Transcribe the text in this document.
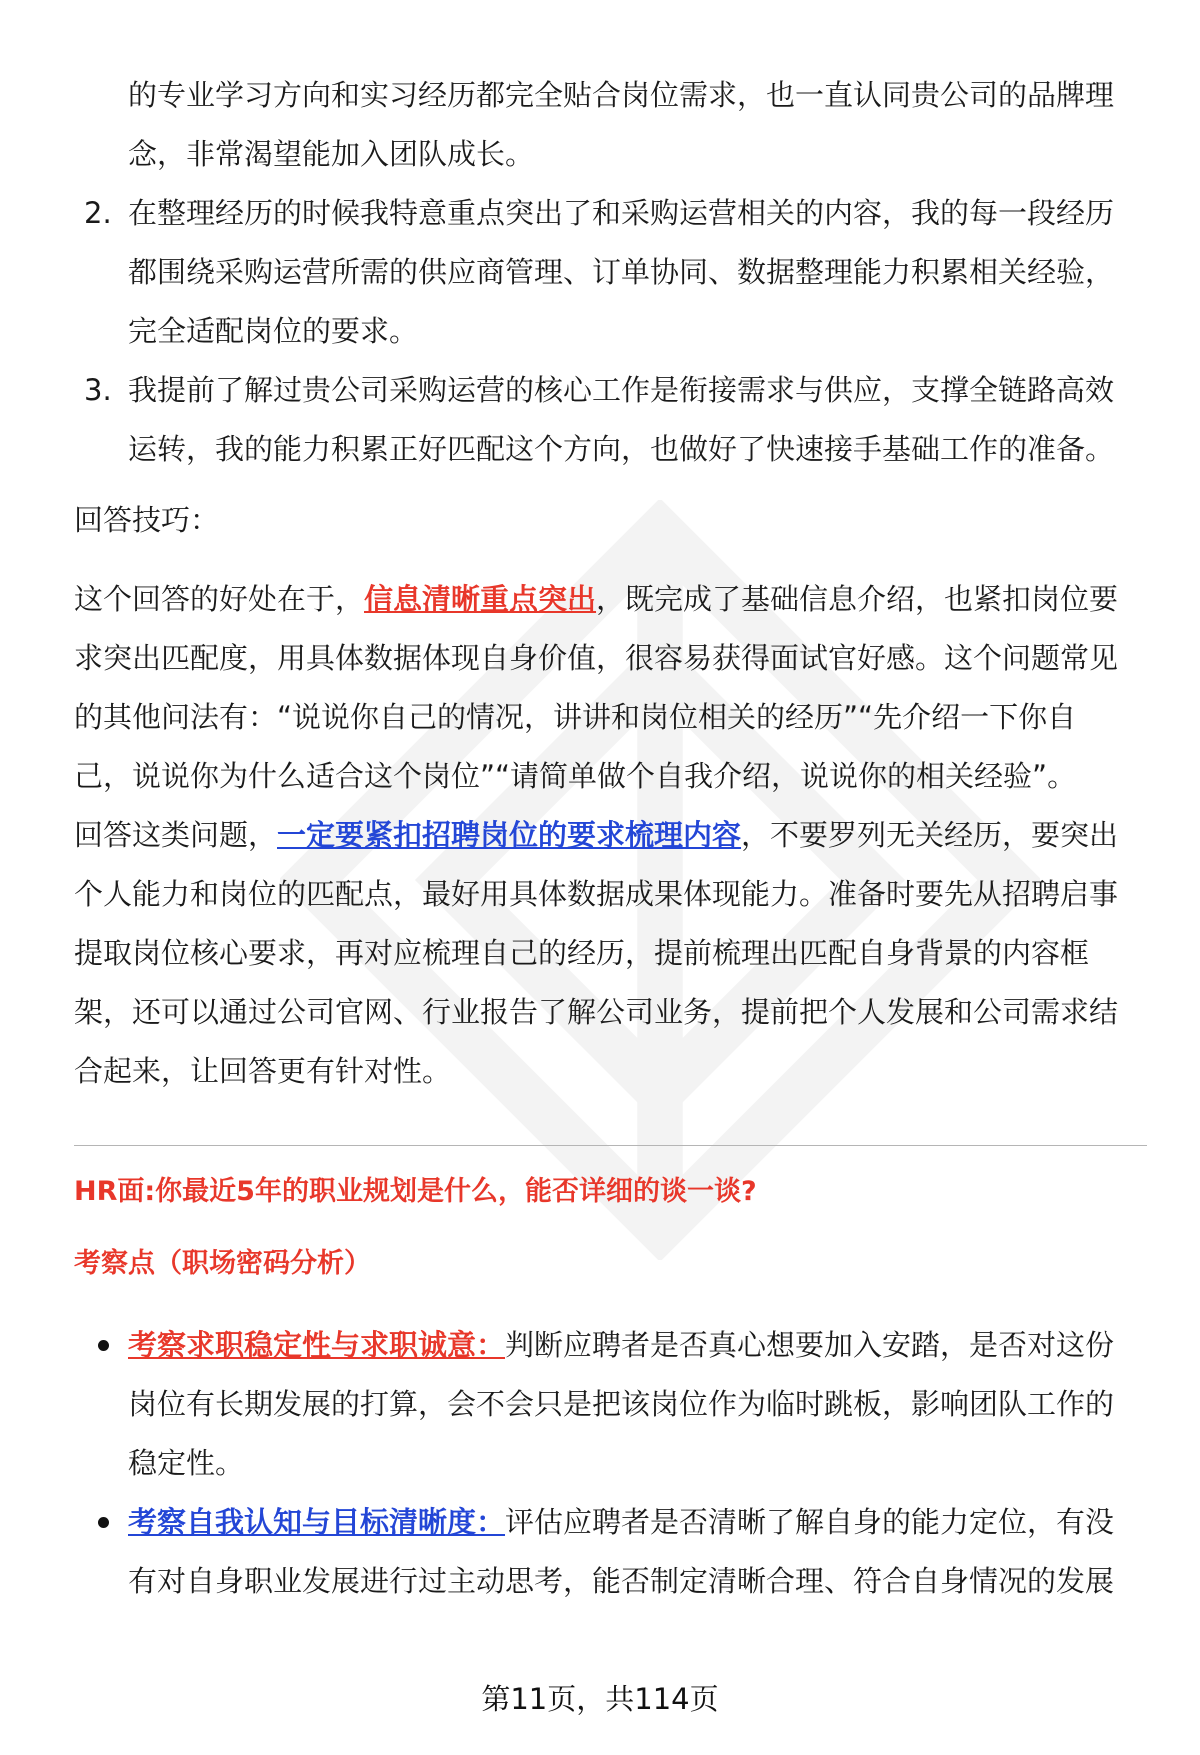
的专业学习方向和实习经历都完全贴合岗位需求，也一直认同贵公司的品牌理

念，非常渴望能加入团队成长。

2. 在整理经历的时候我特意重点突出了和采购运营相关的内容，我的每一段经历

都围绕采购运营所需的供应商管理、订单协同、数据整理能力积累相关经验，

完全适配岗位的要求。

3. 我提前了解过贵公司采购运营的核心工作是衔接需求与供应，支撑全链路高效

运转，我的能力积累正好匹配这个方向，也做好了快速接手基础工作的准备。

回答技巧：

这个回答的好处在于，信息清晰重点突出，既完成了基础信息介绍，也紧扣岗位要

求突出匹配度，用具体数据体现自身价值，很容易获得面试官好感。这个问题常见

的其他问法有：“说说你自己的情况，讲讲和岗位相关的经历”“先介绍一下你自

己，说说你为什么适合这个岗位”“请简单做个自我介绍，说说你的相关经验”。

回答这类问题，一定要紧扣招聘岗位的要求梳理内容，不要罗列无关经历，要突出

个人能力和岗位的匹配点，最好用具体数据成果体现能力。准备时要先从招聘启事

提取岗位核心要求，再对应梳理自己的经历，提前梳理出匹配自身背景的内容框

架，还可以通过公司官网、行业报告了解公司业务，提前把个人发展和公司需求结

合起来，让回答更有针对性。

HR面:你最近5年的职业规划是什么，能否详细的谈一谈?
考察点（职场密码分析）

考察求职稳定性与求职诚意：判断应聘者是否真心想要加入安踏，是否对这份

岗位有长期发展的打算，会不会只是把该岗位作为临时跳板，影响团队工作的

稳定性。

考察自我认知与目标清晰度：评估应聘者是否清晰了解自身的能力定位，有没

有对自身职业发展进行过主动思考，能否制定清晰合理、符合自身情况的发展

第11页，共114页
